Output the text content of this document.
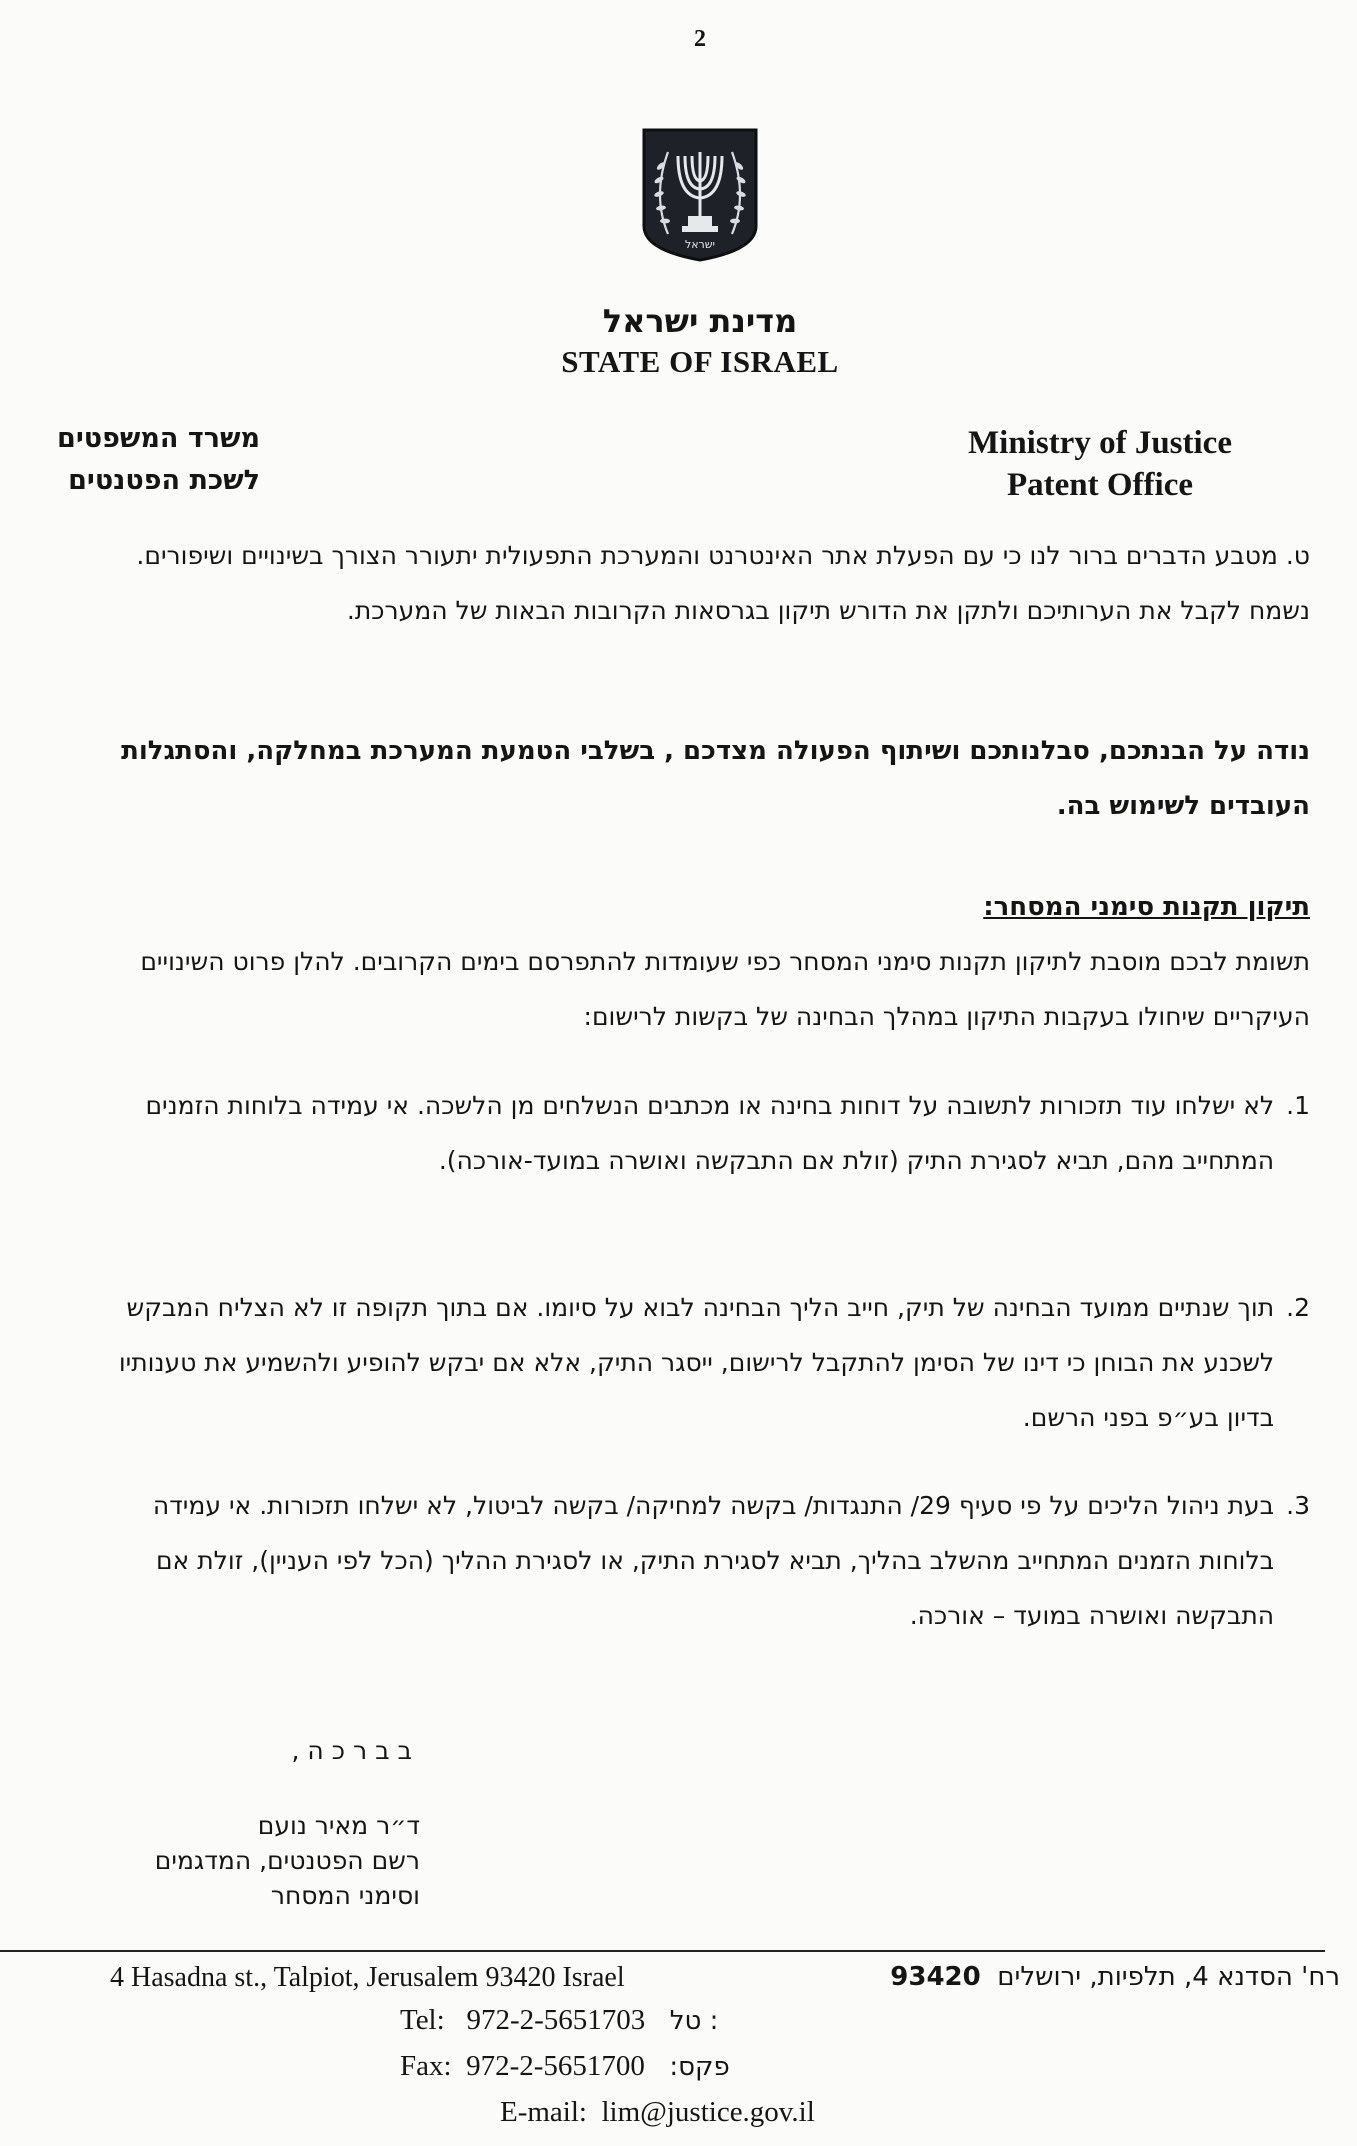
2
ישראל
מדינת ישראל
STATE OF ISRAEL
משרד המשפטים
לשכת הפטנטים
Ministry of Justice
Patent Office

ט. מטבע הדברים ברור לנו כי עם הפעלת אתר האינטרנט והמערכת התפעולית יתעורר הצורך בשינויים ושיפורים. נשמח לקבל את הערותיכם ולתקן את הדורש תיקון בגרסאות הקרובות הבאות של המערכת.

נודה על הבנתכם, סבלנותכם ושיתוף הפעולה מצדכם , בשלבי הטמעת המערכת במחלקה, והסתגלות העובדים לשימוש בה.

תיקון תקנות סימני המסחר:

תשומת לבכם מוסבת לתיקון תקנות סימני המסחר כפי שעומדות להתפרסם בימים הקרובים. להלן פרוט השינויים העיקריים שיחולו בעקבות התיקון במהלך הבחינה של בקשות לרישום:

1.
לא ישלחו עוד תזכורות לתשובה על דוחות בחינה או מכתבים הנשלחים מן הלשכה. אי עמידה בלוחות הזמנים המתחייב מהם, תביא לסגירת התיק (זולת אם התבקשה ואושרה במועד-אורכה).
2.
תוך שנתיים ממועד הבחינה של תיק, חייב הליך הבחינה לבוא על סיומו. אם בתוך תקופה זו לא הצליח המבקש לשכנע את הבוחן כי דינו של הסימן להתקבל לרישום, ייסגר התיק, אלא אם יבקש להופיע ולהשמיע את טענותיו בדיון בע״פ בפני הרשם.
3.
בעת ניהול הליכים על פי סעיף 29/ התנגדות/ בקשה למחיקה/ בקשה לביטול, לא ישלחו תזכורות. אי עמידה בלוחות הזמנים המתחייב מהשלב בהליך, תביא לסגירת התיק, או לסגירת ההליך (הכל לפי העניין), זולת אם התבקשה ואושרה במועד – אורכה.
בברכה,
ד״ר מאיר נועם
רשם הפטנטים, המדגמים
וסימני המסחר
4 Hasadna st., Talpiot, Jerusalem 93420 Israel	רח' הסדנא 4, תלפיות, ירושלים  93420
Tel: 972-2-5651703 : טל
Fax: 972-2-5651700 פקס:
E-mail: lim@justice.gov.il
